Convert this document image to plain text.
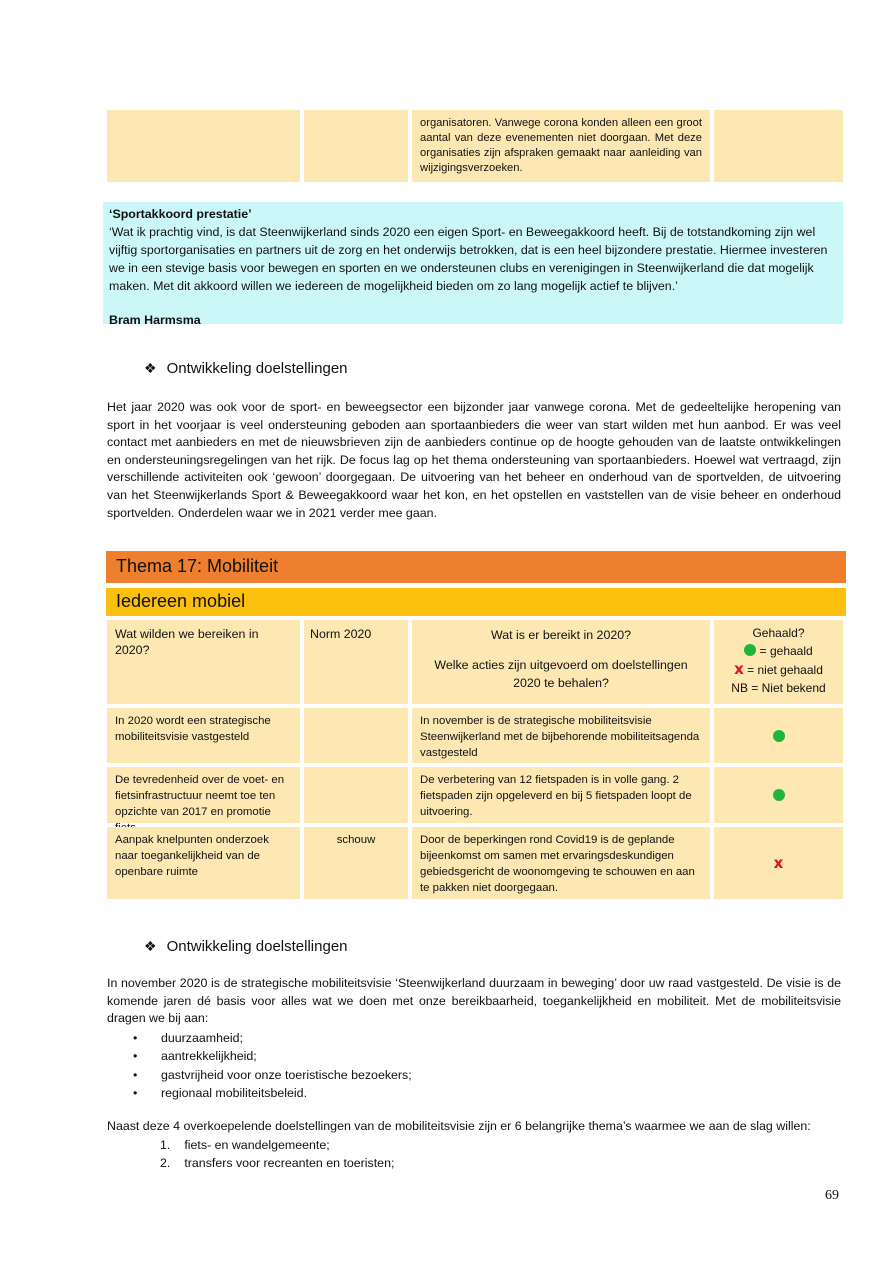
organisatoren. Vanwege corona konden alleen een groot aantal van deze evenementen niet doorgaan. Met deze organisaties zijn afspraken gemaakt naar aanleiding van wijzigingsverzoeken.
‘Sportakkoord prestatie’
‘Wat ik prachtig vind, is dat Steenwijkerland sinds 2020 een eigen Sport- en Beweegakkoord heeft. Bij de totstandkoming zijn wel vijftig sportorganisaties en partners uit de zorg en het onderwijs betrokken, dat is een heel bijzondere prestatie. Hiermee investeren we in een stevige basis voor bewegen en sporten en we ondersteunen clubs en verenigingen in Steenwijkerland die dat mogelijk maken. Met dit akkoord willen we iedereen de mogelijkheid bieden om zo lang mogelijk actief te blijven.’
Bram Harmsma
❖ Ontwikkeling doelstellingen
Het jaar 2020 was ook voor de sport- en beweegsector een bijzonder jaar vanwege corona. Met de gedeeltelijke heropening van sport in het voorjaar is veel ondersteuning geboden aan sportaanbieders die weer van start wilden met hun aanbod. Er was veel contact met aanbieders en met de nieuwsbrieven zijn de aanbieders continue op de hoogte gehouden van de laatste ontwikkelingen en ondersteuningsregelingen van het rijk. De focus lag op het thema ondersteuning van sportaanbieders. Hoewel wat vertraagd, zijn verschillende activiteiten ook ‘gewoon’ doorgegaan. De uitvoering van het beheer en onderhoud van de sportvelden, de uitvoering van het Steenwijkerlands Sport & Beweegakkoord waar het kon, en het opstellen en vaststellen van de visie beheer en onderhoud sportvelden. Onderdelen waar we in 2021 verder mee gaan.
Thema 17: Mobiliteit
Iedereen mobiel
Wat wilden we bereiken in 2020?
Norm 2020	Wat is er bereikt in 2020?
Welke acties zijn uitgevoerd om doelstellingen 2020 te behalen?
Gehaald?
= gehaald
x = niet gehaald
NB = Niet bekend
In 2020 wordt een strategische mobiliteitsvisie vastgesteld
In november is de strategische mobiliteitsvisie Steenwijkerland met de bijbehorende mobiliteitsagenda vastgesteld
De tevredenheid over de voet- en fietsinfrastructuur neemt toe ten opzichte van 2017 en promotie
De verbetering van 12 fietspaden is in volle gang. 2 fietspaden zijn opgeleverd en bij 5 fietspaden loopt de uitvoering.
Aanpak knelpunten onderzoek naar toegankelijkheid van de openbare ruimte
schouw	Door de beperkingen rond Covid19 is de geplande bijeenkomst om samen met ervaringsdeskundigen gebiedsgericht de woonomgeving te schouwen en aan te pakken niet doorgegaan.
x
❖ Ontwikkeling doelstellingen
In november 2020 is de strategische mobiliteitsvisie ‘Steenwijkerland duurzaam in beweging’ door uw raad vastgesteld. De visie is de komende jaren dé basis voor alles wat we doen met onze bereikbaarheid, toegankelijkheid en mobiliteit. Met de mobiliteitsvisie dragen we bij aan:
• duurzaamheid;
• aantrekkelijkheid;
• gastvrijheid voor onze toeristische bezoekers;
• regionaal mobiliteitsbeleid.
Naast deze 4 overkoepelende doelstellingen van de mobiliteitsvisie zijn er 6 belangrijke thema’s waarmee we aan de slag willen:
1. fiets- en wandelgemeente;
2. transfers voor recreanten en toeristen;
69
